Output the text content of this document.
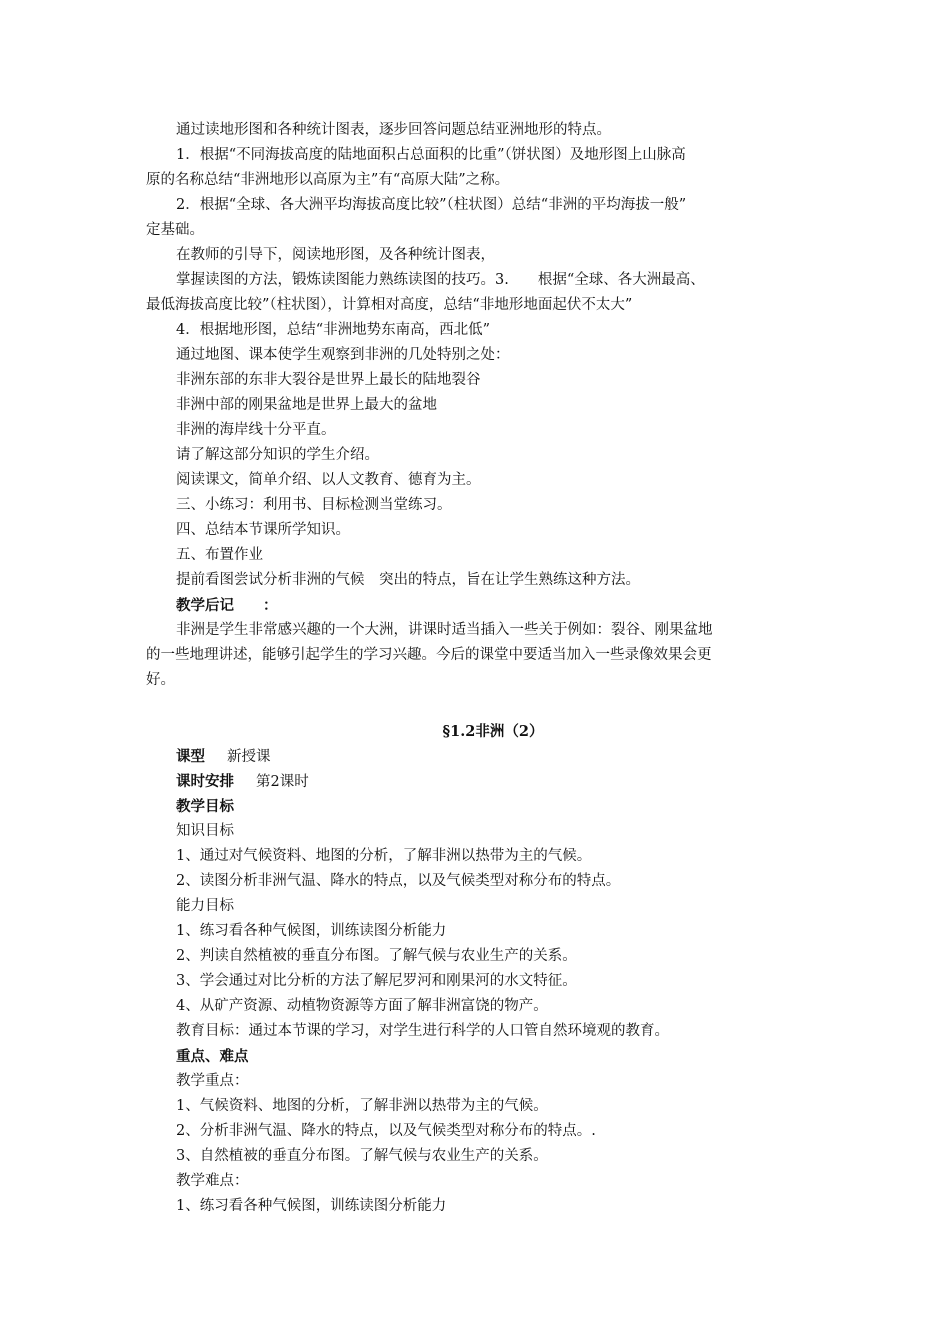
通过读地形图和各种统计图表，逐步回答问题总结亚洲地形的特点。
1．根据“不同海拔高度的陆地面积占总面积的比重”（饼状图）及地形图上山脉高
原的名称总结“非洲地形以高原为主”有“高原大陆”之称。
2．根据“全球、各大洲平均海拔高度比较”（柱状图）总结“非洲的平均海拔一般”
定基础。
在教师的引导下，阅读地形图，及各种统计图表，
掌握读图的方法，锻炼读图能力熟练读图的技巧。3.　　根据“全球、各大洲最高、
最低海拔高度比较”（柱状图），计算相对高度，总结“非地形地面起伏不太大”
4．根据地形图，总结“非洲地势东南高，西北低”
通过地图、课本使学生观察到非洲的几处特别之处：
非洲东部的东非大裂谷是世界上最长的陆地裂谷
非洲中部的刚果盆地是世界上最大的盆地
非洲的海岸线十分平直。
请了解这部分知识的学生介绍。
阅读课文，简单介绍、以人文教育、德育为主。
三、小练习：利用书、目标检测当堂练习。
四、总结本节课所学知识。
五、布置作业
提前看图尝试分析非洲的气候　突出的特点，旨在让学生熟练这种方法。
教学后记　　：
非洲是学生非常感兴趣的一个大洲，讲课时适当插入一些关于例如：裂谷、刚果盆地
的一些地理讲述，能够引起学生的学习兴趣。今后的课堂中要适当加入一些录像效果会更
好。
§1.2非洲（2）
课型 新授课
课时安排 第2课时
教学目标
知识目标
1、通过对气候资料、地图的分析，了解非洲以热带为主的气候。
2、读图分析非洲气温、降水的特点，以及气候类型对称分布的特点。
能力目标
1、练习看各种气候图，训练读图分析能力
2、判读自然植被的垂直分布图。了解气候与农业生产的关系。
3、学会通过对比分析的方法了解尼罗河和刚果河的水文特征。
4、从矿产资源、动植物资源等方面了解非洲富饶的物产。
教育目标：通过本节课的学习，对学生进行科学的人口管自然环境观的教育。
重点、难点
教学重点：
1、气候资料、地图的分析，了解非洲以热带为主的气候。
2、分析非洲气温、降水的特点，以及气候类型对称分布的特点。.
3、自然植被的垂直分布图。了解气候与农业生产的关系。
教学难点：
1、练习看各种气候图，训练读图分析能力
